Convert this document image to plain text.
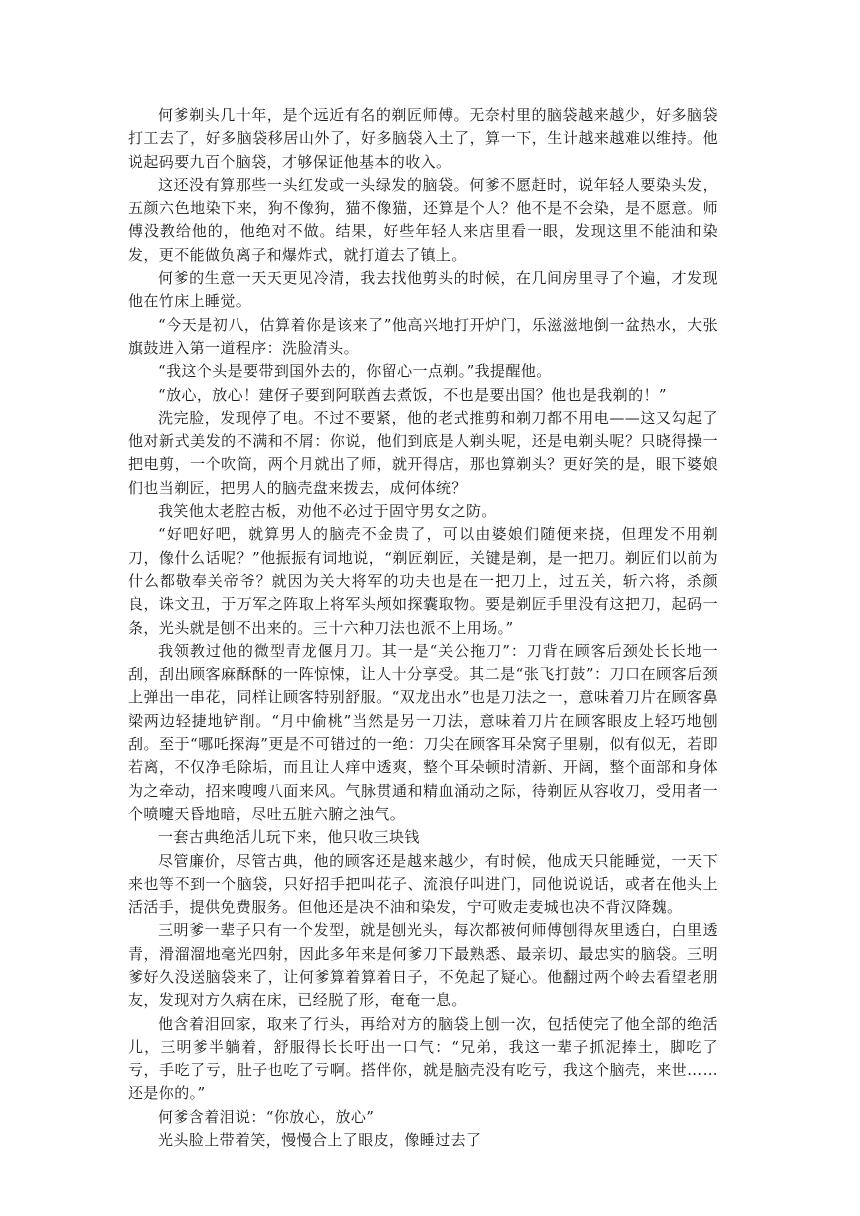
何爹剃头几十年，是个远近有名的剃匠师傅。无奈村里的脑袋越来越少，好多脑袋打工去了，好多脑袋移居山外了，好多脑袋入土了，算一下，生计越来越难以维持。他说起码要九百个脑袋，才够保证他基本的收入。

这还没有算那些一头红发或一头绿发的脑袋。何爹不愿赶时，说年轻人要染头发，五颜六色地染下来，狗不像狗，猫不像猫，还算是个人？他不是不会染，是不愿意。师傅没教给他的，他绝对不做。结果，好些年轻人来店里看一眼，发现这里不能油和染发，更不能做负离子和爆炸式，就打道去了镇上。

何爹的生意一天天更见冷清，我去找他剪头的时候，在几间房里寻了个遍，才发现他在竹床上睡觉。

“今天是初八，估算着你是该来了”他高兴地打开炉门，乐滋滋地倒一盆热水，大张旗鼓进入第一道程序：洗脸清头。

“我这个头是要带到国外去的，你留心一点剃。”我提醒他。

“放心，放心！建伢子要到阿联酋去煮饭，不也是要出国？他也是我剃的！”

洗完脸，发现停了电。不过不要紧，他的老式推剪和剃刀都不用电——这又勾起了他对新式美发的不满和不屑：你说，他们到底是人剃头呢，还是电剃头呢？只晓得操一把电剪，一个吹筒，两个月就出了师，就开得店，那也算剃头？更好笑的是，眼下婆娘们也当剃匠，把男人的脑壳盘来拨去，成何体统？

我笑他太老腔古板，劝他不必过于固守男女之防。

“好吧好吧，就算男人的脑壳不金贵了，可以由婆娘们随便来挠，但理发不用剃刀，像什么话呢？”他振振有词地说，“剃匠剃匠，关键是剃，是一把刀。剃匠们以前为什么都敬奉关帝爷？就因为关大将军的功夫也是在一把刀上，过五关，斩六将，杀颜良，诛文丑，于万军之阵取上将军头颅如探囊取物。要是剃匠手里没有这把刀，起码一条，光头就是刨不出来的。三十六种刀法也派不上用场。”

我领教过他的微型青龙偃月刀。其一是“关公拖刀”：刀背在顾客后颈处长长地一刮，刮出顾客麻酥酥的一阵惊悚，让人十分享受。其二是“张飞打鼓”：刀口在顾客后颈上弹出一串花，同样让顾客特别舒服。“双龙出水”也是刀法之一，意味着刀片在顾客鼻梁两边轻捷地铲削。“月中偷桃”当然是另一刀法，意味着刀片在顾客眼皮上轻巧地刨刮。至于“哪吒探海”更是不可错过的一绝：刀尖在顾客耳朵窝子里剔，似有似无，若即若离，不仅净毛除垢，而且让人痒中透爽，整个耳朵顿时清新、开阔，整个面部和身体为之牵动，招来嗖嗖八面来风。气脉贯通和精血涌动之际，待剃匠从容收刀，受用者一个喷嚏天昏地暗，尽吐五脏六腑之浊气。

一套古典绝活儿玩下来，他只收三块钱

尽管廉价，尽管古典，他的顾客还是越来越少，有时候，他成天只能睡觉，一天下来也等不到一个脑袋，只好招手把叫花子、流浪仔叫进门，同他说说话，或者在他头上活活手，提供免费服务。但他还是决不油和染发，宁可败走麦城也决不背汉降魏。

三明爹一辈子只有一个发型，就是刨光头，每次都被何师傅刨得灰里透白，白里透青，滑溜溜地毫光四射，因此多年来是何爹刀下最熟悉、最亲切、最忠实的脑袋。三明爹好久没送脑袋来了，让何爹算着算着日子，不免起了疑心。他翻过两个岭去看望老朋友，发现对方久病在床，已经脱了形，奄奄一息。

他含着泪回家，取来了行头，再给对方的脑袋上刨一次，包括使完了他全部的绝活儿，三明爹半躺着，舒服得长长吁出一口气：“兄弟，我这一辈子抓泥捧土，脚吃了亏，手吃了亏，肚子也吃了亏啊。搭伴你，就是脑壳没有吃亏，我这个脑壳，来世……还是你的。”

何爹含着泪说：“你放心，放心”

光头脸上带着笑，慢慢合上了眼皮，像睡过去了
